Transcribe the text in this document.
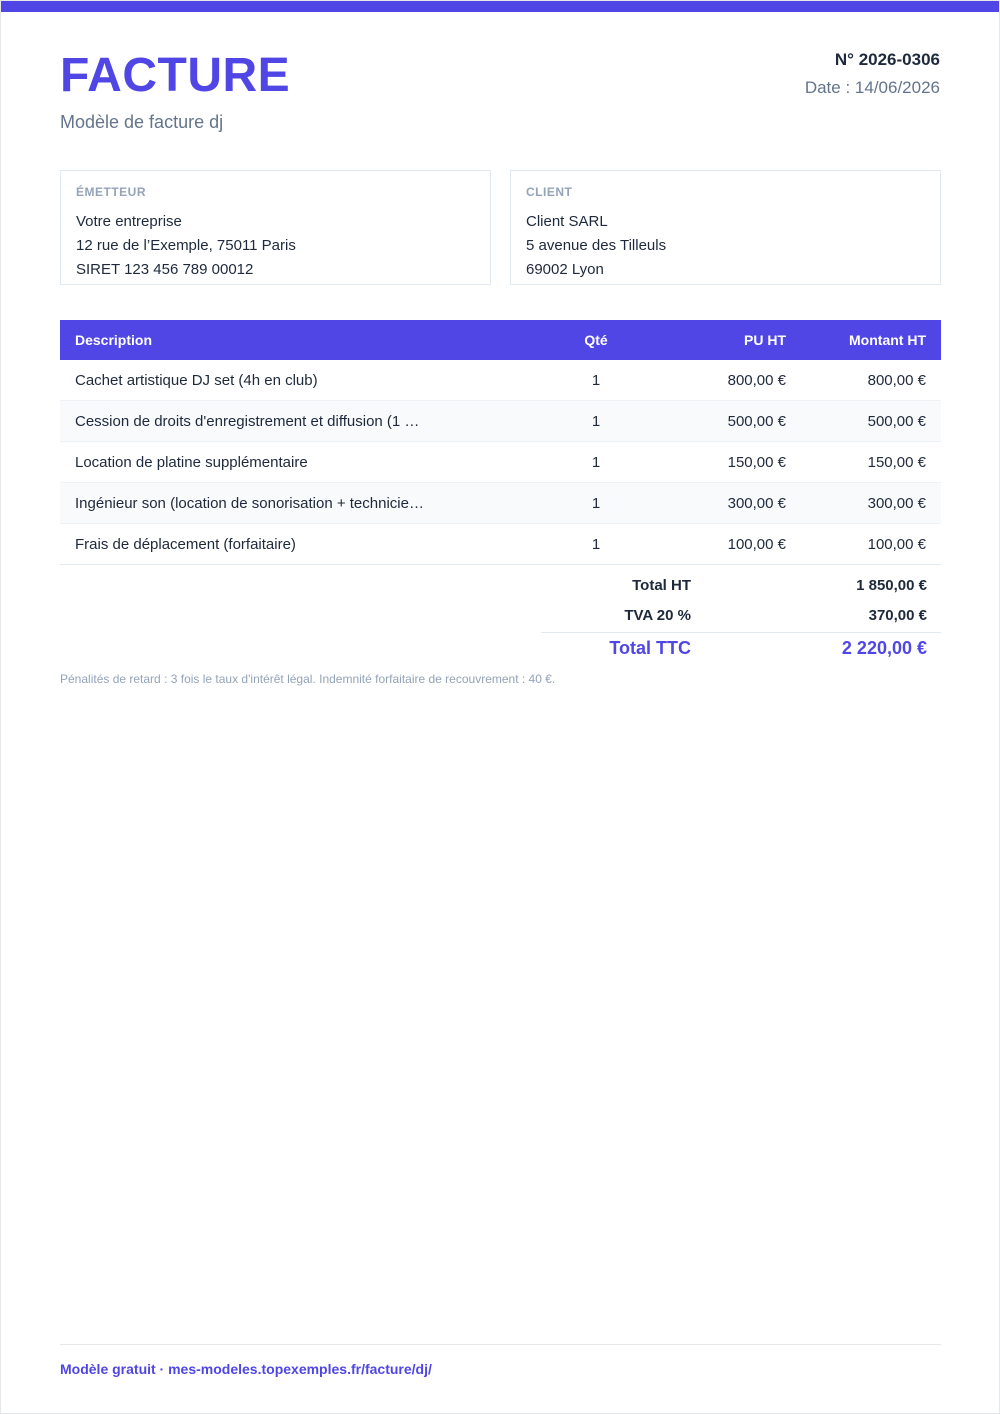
FACTURE
Modèle de facture dj
N° 2026-0306
Date : 14/06/2026
ÉMETTEUR
Votre entreprise
12 rue de l’Exemple, 75011 Paris
SIRET 123 456 789 00012
CLIENT
Client SARL
5 avenue des Tilleuls
69002 Lyon
Description	Qté	PU HT	Montant HT
Cachet artistique DJ set (4h en club)	1	800,00 €	800,00 €
Cession de droits d'enregistrement et diffusion (1 …	1	500,00 €	500,00 €
Location de platine supplémentaire	1	150,00 €	150,00 €
Ingénieur son (location de sonorisation + technicie…	1	300,00 €	300,00 €
Frais de déplacement (forfaitaire)	1	100,00 €	100,00 €
Total HT	1 850,00 €
TVA 20 %	370,00 €
Total TTC	2 220,00 €
Pénalités de retard : 3 fois le taux d'intérêt légal. Indemnité forfaitaire de recouvrement : 40 €.
Modèle gratuit · mes-modeles.topexemples.fr/facture/dj/
